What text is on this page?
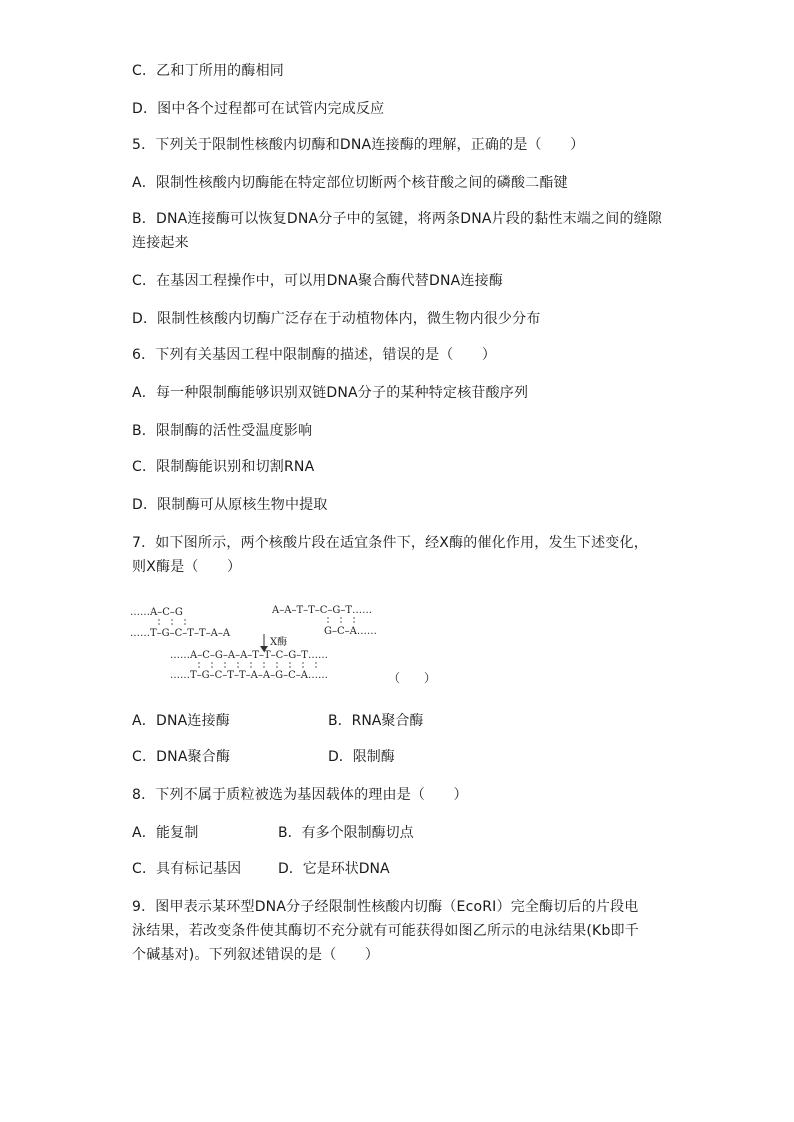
C．乙和丁所用的酶相同
D．图中各个过程都可在试管内完成反应
5．下列关于限制性核酸内切酶和DNA连接酶的理解，正确的是（　　）
A．限制性核酸内切酶能在特定部位切断两个核苷酸之间的磷酸二酯键
B．DNA连接酶可以恢复DNA分子中的氢键，将两条DNA片段的黏性末端之间的缝隙
连接起来
C．在基因工程操作中，可以用DNA聚合酶代替DNA连接酶
D．限制性核酸内切酶广泛存在于动植物体内，微生物内很少分布
6．下列有关基因工程中限制酶的描述，错误的是（　　）
A．每一种限制酶能够识别双链DNA分子的某种特定核苷酸序列
B．限制酶的活性受温度影响
C．限制酶能识别和切割RNA
D．限制酶可从原核生物中提取
7．如下图所示，两个核酸片段在适宜条件下，经X酶的催化作用，发生下述变化，
则X酶是（　　）
……A–C–G
……T–G–C–T–T–A–A
A–A–T–T–C–G–T……
G–C–A……
X酶
……A–C–G–A–A–T–T–C–G–T……
……T–G–C–T–T–A–A–G–C–A……	（　　）
A．DNA连接酶	B．RNA聚合酶
C．DNA聚合酶	D．限制酶
8．下列不属于质粒被选为基因载体的理由是（　　）
A．能复制	B．有多个限制酶切点
C．具有标记基因	D．它是环状DNA
9．图甲表示某环型DNA分子经限制性核酸内切酶（EcoRⅠ）完全酶切后的片段电
泳结果，若改变条件使其酶切不充分就有可能获得如图乙所示的电泳结果(Kb即千
个碱基对)。下列叙述错误的是（　　）
